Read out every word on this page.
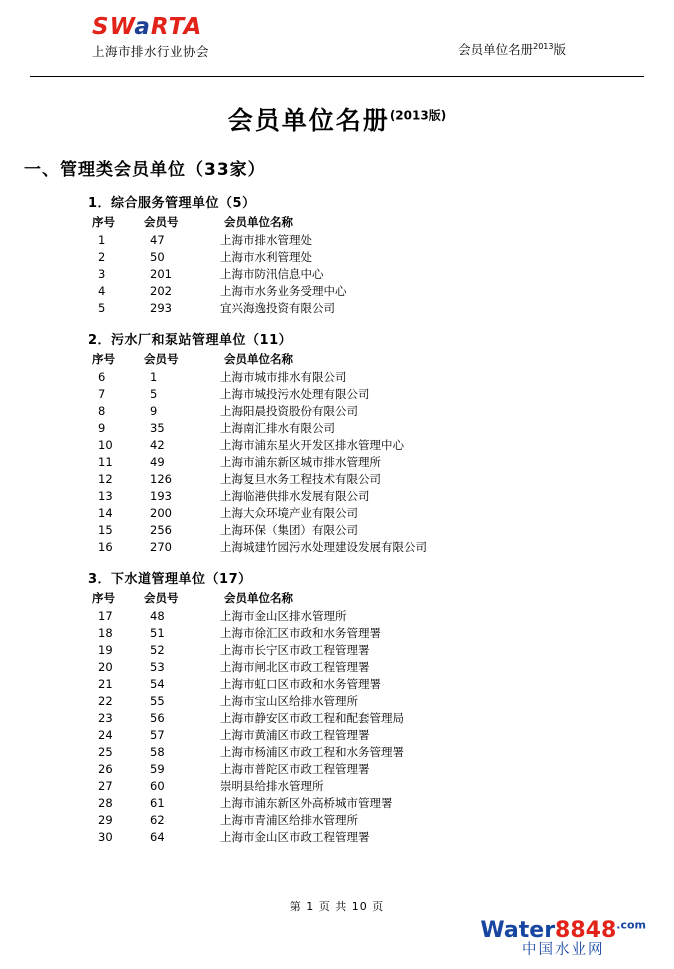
SWaRTA
上海市排水行业协会	会员单位名册$^{2013}$版
会员单位名册$^{(2013版)}$
一、管理类会员单位（33家）
1．综合服务管理单位（5）
序号	会员号	会员单位名称
1	47	上海市排水管理处
2	50	上海市水利管理处
3	201	上海市防汛信息中心
4	202	上海市水务业务受理中心
5	293	宜兴海逸投资有限公司
2．污水厂和泵站管理单位（11）
序号	会员号	会员单位名称
6	1	上海市城市排水有限公司
7	5	上海市城投污水处理有限公司
8	9	上海阳晨投资股份有限公司
9	35	上海南汇排水有限公司
10	42	上海市浦东星火开发区排水管理中心
11	49	上海市浦东新区城市排水管理所
12	126	上海复旦水务工程技术有限公司
13	193	上海临港供排水发展有限公司
14	200	上海大众环境产业有限公司
15	256	上海环保（集团）有限公司
16	270	上海城建竹园污水处理建设发展有限公司
3．下水道管理单位（17）
序号	会员号	会员单位名称
17	48	上海市金山区排水管理所
18	51	上海市徐汇区市政和水务管理署
19	52	上海市长宁区市政工程管理署
20	53	上海市闸北区市政工程管理署
21	54	上海市虹口区市政和水务管理署
22	55	上海市宝山区给排水管理所
23	56	上海市静安区市政工程和配套管理局
24	57	上海市黄浦区市政工程管理署
25	58	上海市杨浦区市政工程和水务管理署
26	59	上海市普陀区市政工程管理署
27	60	崇明县给排水管理所
28	61	上海市浦东新区外高桥城市管理署
29	62	上海市青浦区给排水管理所
30	64	上海市金山区市政工程管理署
第 1 页 共 10 页
$Water8848^{.com}$
中国水业网
